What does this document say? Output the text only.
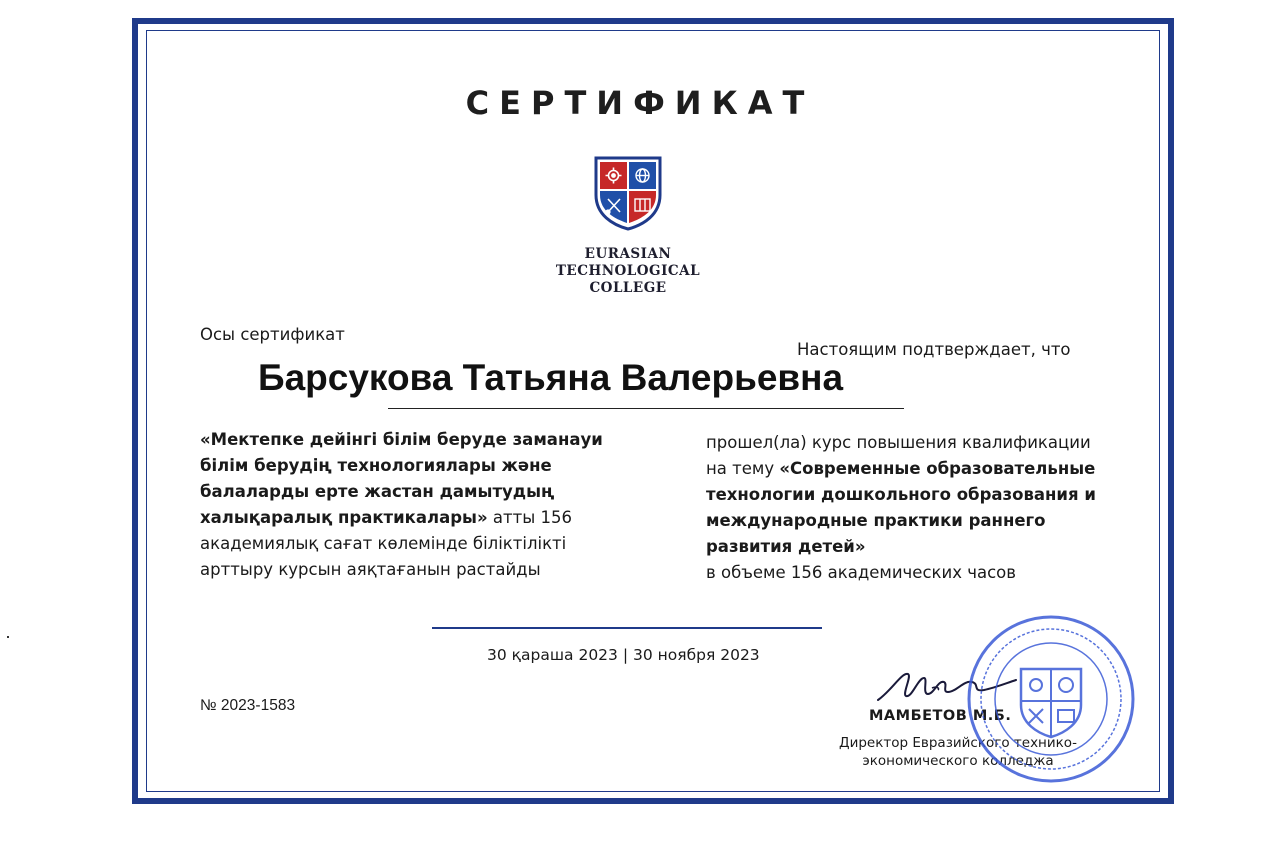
СЕРТИФИКАТ
EURASIAN
TECHNOLOGICAL
COLLEGE
Осы сертификат
Настоящим подтверждает, что
Барсукова Татьяна Валерьевна
«Мектепке дейінгі білім беруде заманауи білім берудің технологиялары және балаларды ерте жастан дамытудың халықаралық практикалары» атты 156 академиялық сағат көлемінде біліктілікті арттыру курсын аяқтағанын растайды
прошел(ла) курс повышения квалификации на тему «Современные образовательные технологии дошкольного образования и международные практики раннего развития детей»
в объеме 156 академических часов
30 қараша 2023 | 30 ноября 2023
№ 2023-1583
МАМБЕТОВ М.Б.
Директор Евразийского технико-
экономического колледжа
